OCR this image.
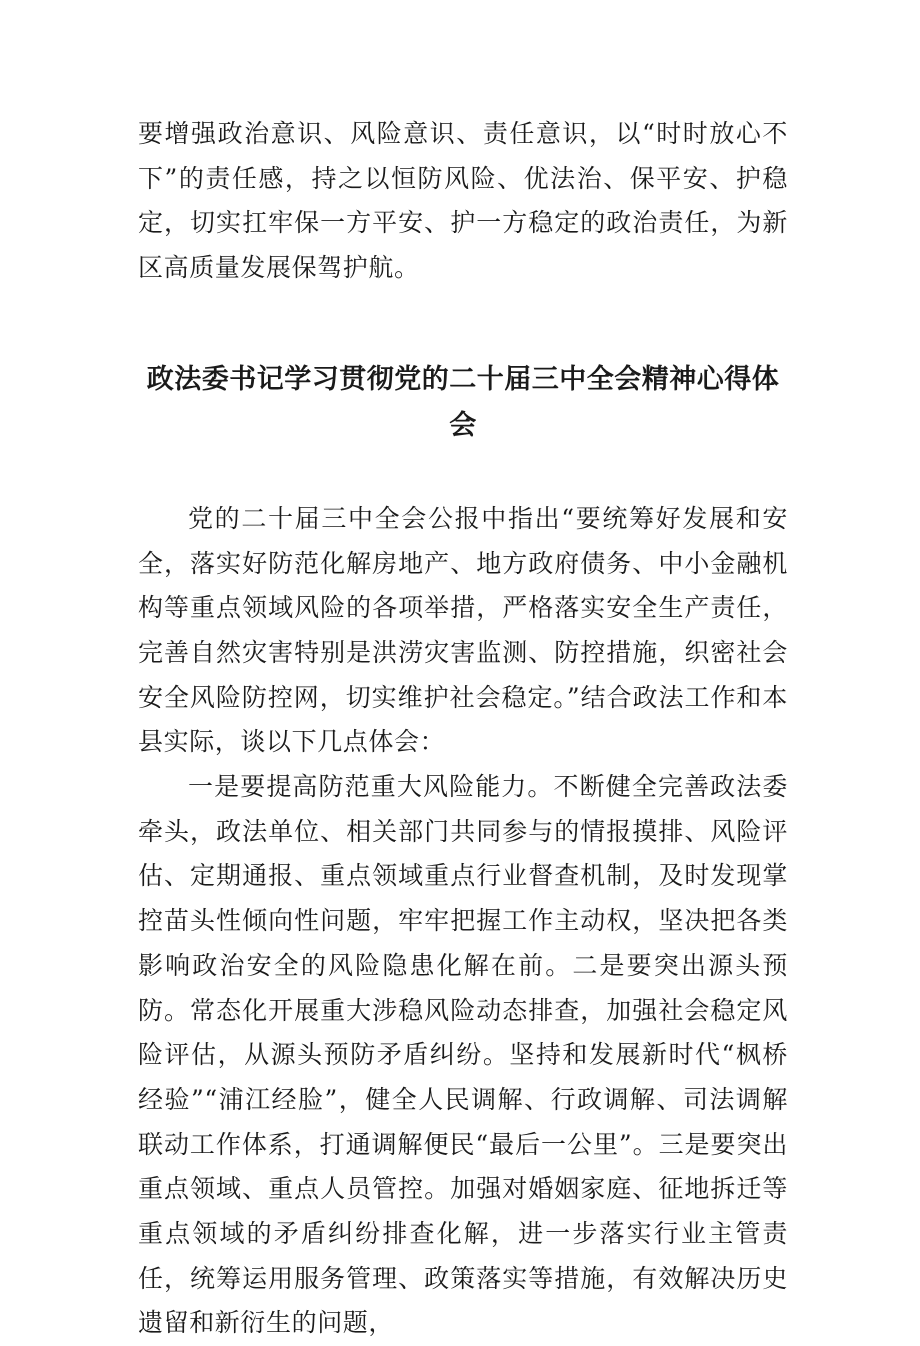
要增强政治意识、风险意识、责任意识，以“时时放心不下”的责任感，持之以恒防风险、优法治、保平安、护稳定，切实扛牢保一方平安、护一方稳定的政治责任，为新区高质量发展保驾护航。

政法委书记学习贯彻党的二十届三中全会精神心得体会

党的二十届三中全会公报中指出“要统筹好发展和安全，落实好防范化解房地产、地方政府债务、中小金融机构等重点领域风险的各项举措，严格落实安全生产责任，完善自然灾害特别是洪涝灾害监测、防控措施，织密社会安全风险防控网，切实维护社会稳定。”结合政法工作和本县实际，谈以下几点体会：

一是要提高防范重大风险能力。不断健全完善政法委牵头，政法单位、相关部门共同参与的情报摸排、风险评估、定期通报、重点领域重点行业督查机制，及时发现掌控苗头性倾向性问题，牢牢把握工作主动权，坚决把各类影响政治安全的风险隐患化解在前。二是要突出源头预防。常态化开展重大涉稳风险动态排查，加强社会稳定风险评估，从源头预防矛盾纠纷。坚持和发展新时代“枫桥经验”“浦江经脸”，健全人民调解、行政调解、司法调解联动工作体系，打通调解便民“最后一公里”。三是要突出重点领域、重点人员管控。加强对婚姻家庭、征地拆迁等重点领域的矛盾纠纷排查化解，进一步落实行业主管责任，统筹运用服务管理、政策落实等措施，有效解决历史遗留和新衍生的问题，
